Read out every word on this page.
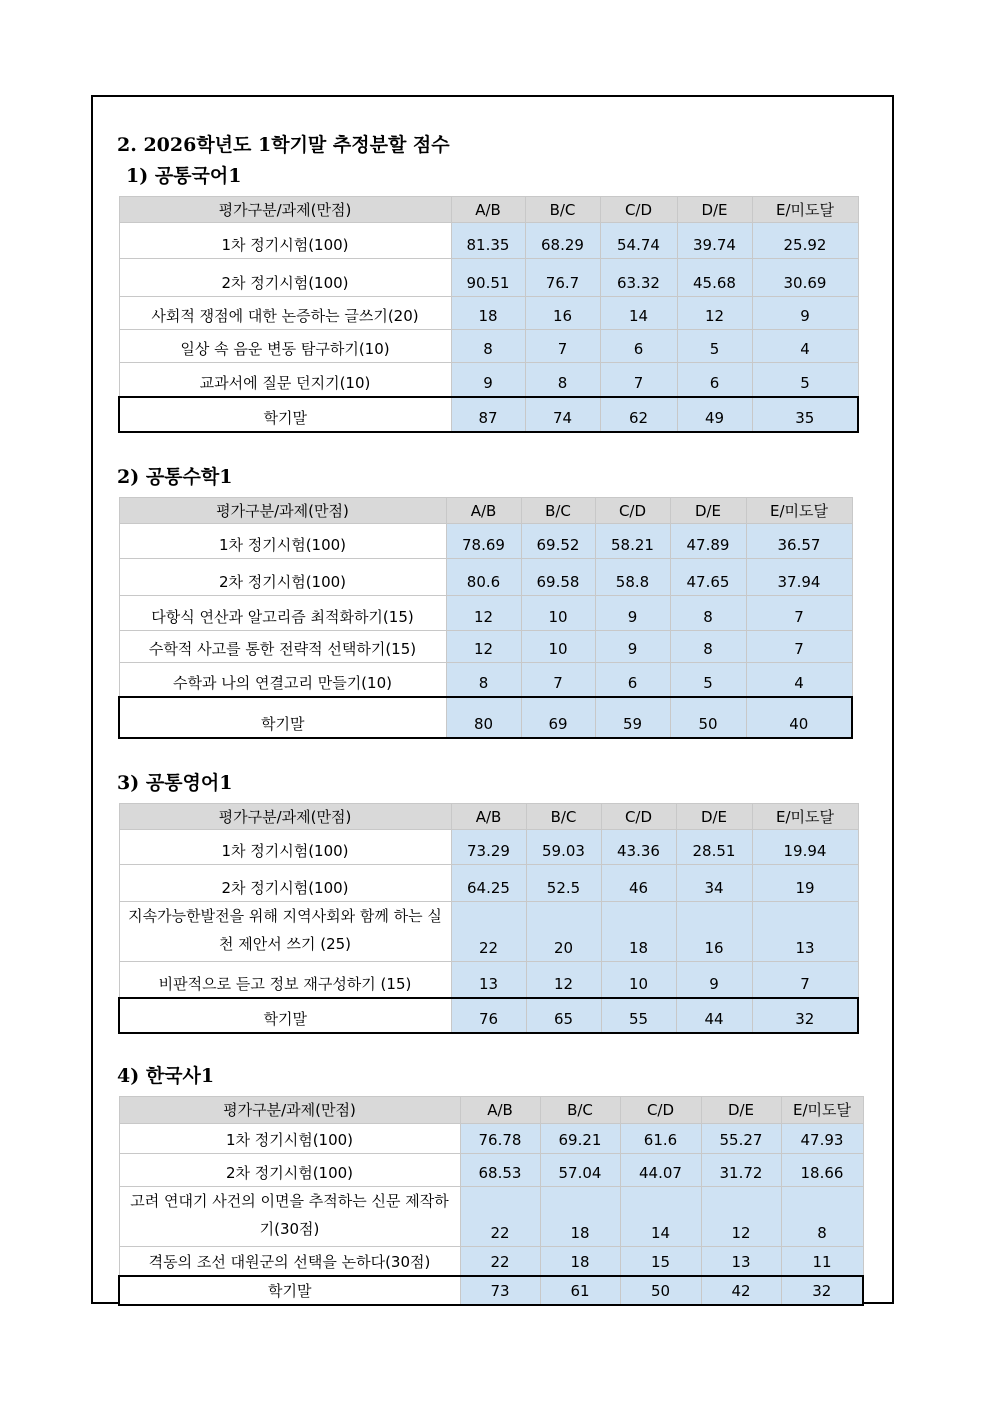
2. 2026학년도 1학기말 추정분할 점수
1) 공통국어1
평가구분/과제(만점)	A/B	B/C	C/D	D/E	E/미도달
1차 정기시험(100)	81.35	68.29	54.74	39.74	25.92
2차 정기시험(100)	90.51	76.7	63.32	45.68	30.69
사회적 쟁점에 대한 논증하는 글쓰기(20)	18	16	14	12	9
일상 속 음운 변동 탐구하기(10)	8	7	6	5	4
교과서에 질문 던지기(10)	9	8	7	6	5
학기말	87	74	62	49	35
2) 공통수학1
평가구분/과제(만점)	A/B	B/C	C/D	D/E	E/미도달
1차 정기시험(100)	78.69	69.52	58.21	47.89	36.57
2차 정기시험(100)	80.6	69.58	58.8	47.65	37.94
다항식 연산과 알고리즘 최적화하기(15)	12	10	9	8	7
수학적 사고를 통한 전략적 선택하기(15)	12	10	9	8	7
수학과 나의 연결고리 만들기(10)	8	7	6	5	4
학기말	80	69	59	50	40
3) 공통영어1
평가구분/과제(만점)	A/B	B/C	C/D	D/E	E/미도달
1차 정기시험(100)	73.29	59.03	43.36	28.51	19.94
2차 정기시험(100)	64.25	52.5	46	34	19
지속가능한발전을 위해 지역사회와 함께 하는 실천 제안서 쓰기 (25)	22	20	18	16	13
비판적으로 듣고 정보 재구성하기 (15)	13	12	10	9	7
학기말	76	65	55	44	32
4) 한국사1
평가구분/과제(만점)	A/B	B/C	C/D	D/E	E/미도달
1차 정기시험(100)	76.78	69.21	61.6	55.27	47.93
2차 정기시험(100)	68.53	57.04	44.07	31.72	18.66
고려 연대기 사건의 이면을 추적하는 신문 제작하기(30점)	22	18	14	12	8
격동의 조선 대원군의 선택을 논하다(30점)	22	18	15	13	11
학기말	73	61	50	42	32
